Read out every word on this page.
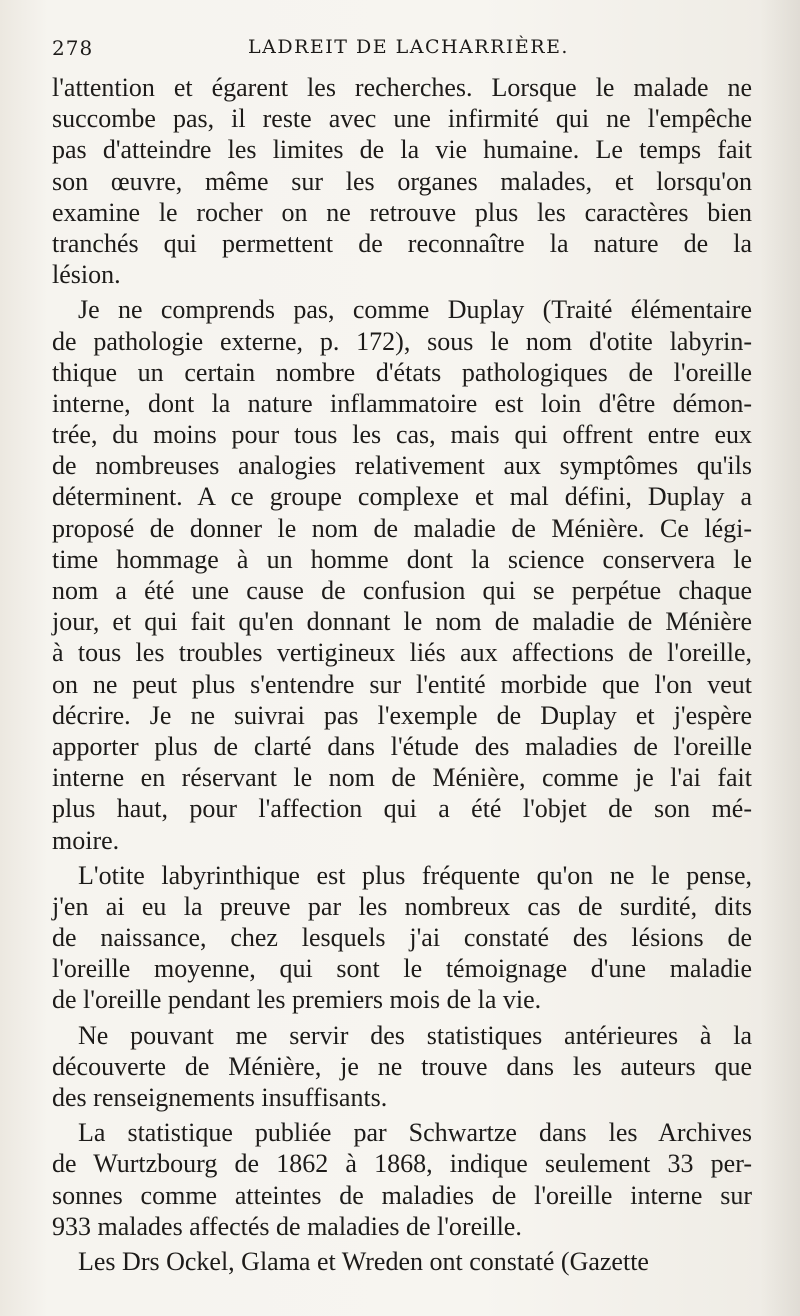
278	LADREIT DE LACHARRIÈRE.
l'attention et égarent les recherches. Lorsque le malade ne
succombe pas, il reste avec une infirmité qui ne l'empêche
pas d'atteindre les limites de la vie humaine. Le temps fait
son œuvre, même sur les organes malades, et lorsqu'on
examine le rocher on ne retrouve plus les caractères bien
tranchés qui permettent de reconnaître la nature de la
lésion.
Je ne comprends pas, comme Duplay (Traité élémentaire
de pathologie externe, p. 172), sous le nom d'otite labyrin-
thique un certain nombre d'états pathologiques de l'oreille
interne, dont la nature inflammatoire est loin d'être démon-
trée, du moins pour tous les cas, mais qui offrent entre eux
de nombreuses analogies relativement aux symptômes qu'ils
déterminent. A ce groupe complexe et mal défini, Duplay a
proposé de donner le nom de maladie de Ménière. Ce légi-
time hommage à un homme dont la science conservera le
nom a été une cause de confusion qui se perpétue chaque
jour, et qui fait qu'en donnant le nom de maladie de Ménière
à tous les troubles vertigineux liés aux affections de l'oreille,
on ne peut plus s'entendre sur l'entité morbide que l'on veut
décrire. Je ne suivrai pas l'exemple de Duplay et j'espère
apporter plus de clarté dans l'étude des maladies de l'oreille
interne en réservant le nom de Ménière, comme je l'ai fait
plus haut, pour l'affection qui a été l'objet de son mé-
moire.
L'otite labyrinthique est plus fréquente qu'on ne le pense,
j'en ai eu la preuve par les nombreux cas de surdité, dits
de naissance, chez lesquels j'ai constaté des lésions de
l'oreille moyenne, qui sont le témoignage d'une maladie
de l'oreille pendant les premiers mois de la vie.
Ne pouvant me servir des statistiques antérieures à la
découverte de Ménière, je ne trouve dans les auteurs que
des renseignements insuffisants.
La statistique publiée par Schwartze dans les Archives
de Wurtzbourg de 1862 à 1868, indique seulement 33 per-
sonnes comme atteintes de maladies de l'oreille interne sur
933 malades affectés de maladies de l'oreille.
Les Drs Ockel, Glama et Wreden ont constaté (Gazette
